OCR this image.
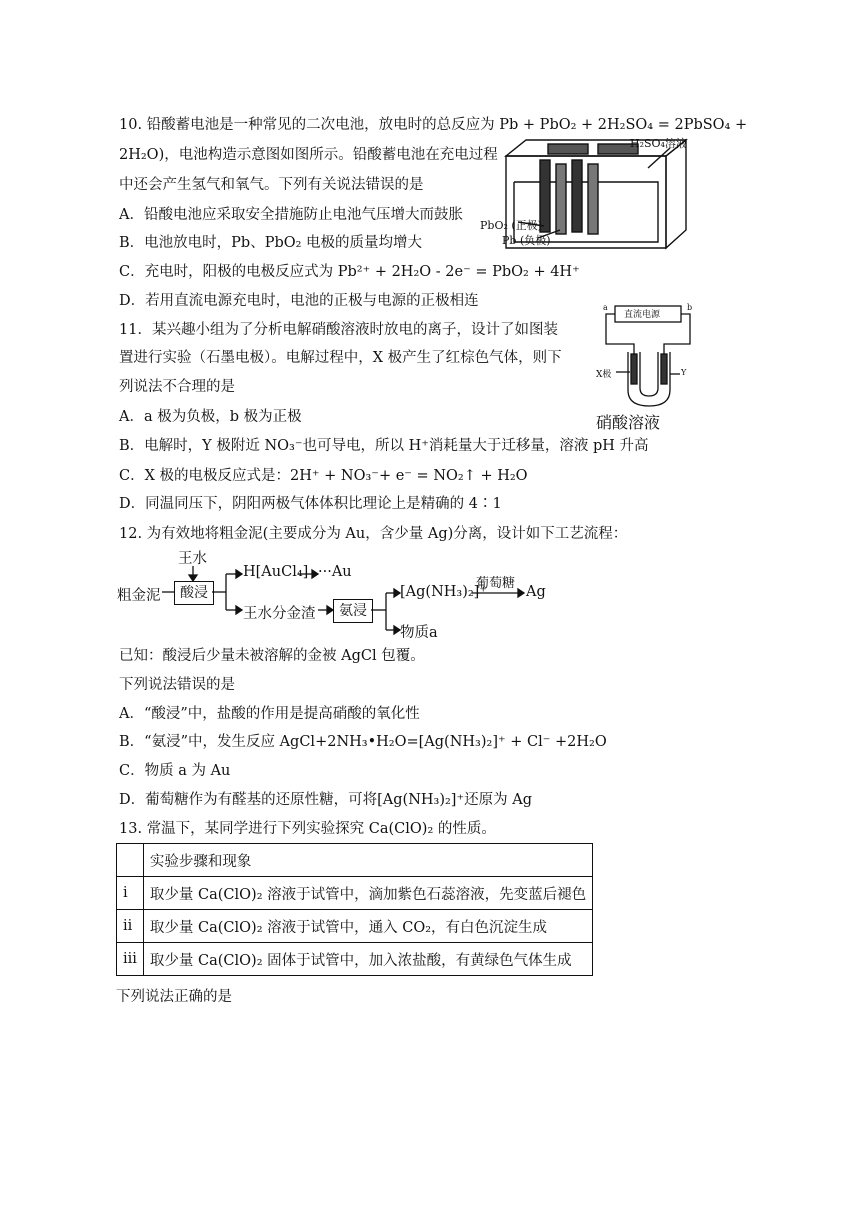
10. 铅酸蓄电池是一种常见的二次电池，放电时的总反应为 Pb + PbO₂ + 2H₂SO₄ = 2PbSO₄ +
2H₂O)，电池构造示意图如图所示。铅酸蓄电池在充电过程
中还会产生氢气和氧气。下列有关说法错误的是
A．铅酸电池应采取安全措施防止电池气压增大而鼓胀
B．电池放电时，Pb、PbO₂ 电极的质量均增大
C．充电时，阳极的电极反应式为 Pb²⁺ + 2H₂O - 2e⁻ = PbO₂ + 4H⁺
D．若用直流电源充电时，电池的正极与电源的正极相连
H₂SO₄溶液
PbO₂ (正极)
Pb (负极)
11．某兴趣小组为了分析电解硝酸溶液时放电的离子，设计了如图装
置进行实验（石墨电极）。电解过程中，X 极产生了红棕色气体，则下
列说法不合理的是
A．a 极为负极，b 极为正极
B．电解时，Y 极附近 NO₃⁻也可导电，所以 H⁺消耗量大于迁移量，溶液 pH 升高
C．X 极的电极反应式是：2H⁺ + NO₃⁻+ e⁻ = NO₂↑ + H₂O
D．同温同压下，阴阳两极气体体积比理论上是精确的 4∶1
直流电源
a	b
X极	Y
硝酸溶液
12. 为有效地将粗金泥(主要成分为 Au，含少量 Ag)分离，设计如下工艺流程：
王水
粗金泥	酸浸
H[AuCl₄] ···Au
王水分金渣	氨浸
[Ag(NH₃)₂]⁺
葡萄糖
Ag
物质a
已知：酸浸后少量未被溶解的金被 AgCl 包覆。
下列说法错误的是
A．“酸浸”中，盐酸的作用是提高硝酸的氧化性
B．“氨浸”中，发生反应 AgCl+2NH₃•H₂O=[Ag(NH₃)₂]⁺ + Cl⁻ +2H₂O
C．物质 a 为 Au
D．葡萄糖作为有醛基的还原性糖，可将[Ag(NH₃)₂]⁺还原为 Ag
13. 常温下，某同学进行下列实验探究 Ca(ClO)₂ 的性质。
	实验步骤和现象
i	取少量 Ca(ClO)₂ 溶液于试管中，滴加紫色石蕊溶液，先变蓝后褪色
ii	取少量 Ca(ClO)₂ 溶液于试管中，通入 CO₂，有白色沉淀生成
iii	取少量 Ca(ClO)₂ 固体于试管中，加入浓盐酸，有黄绿色气体生成
下列说法正确的是
